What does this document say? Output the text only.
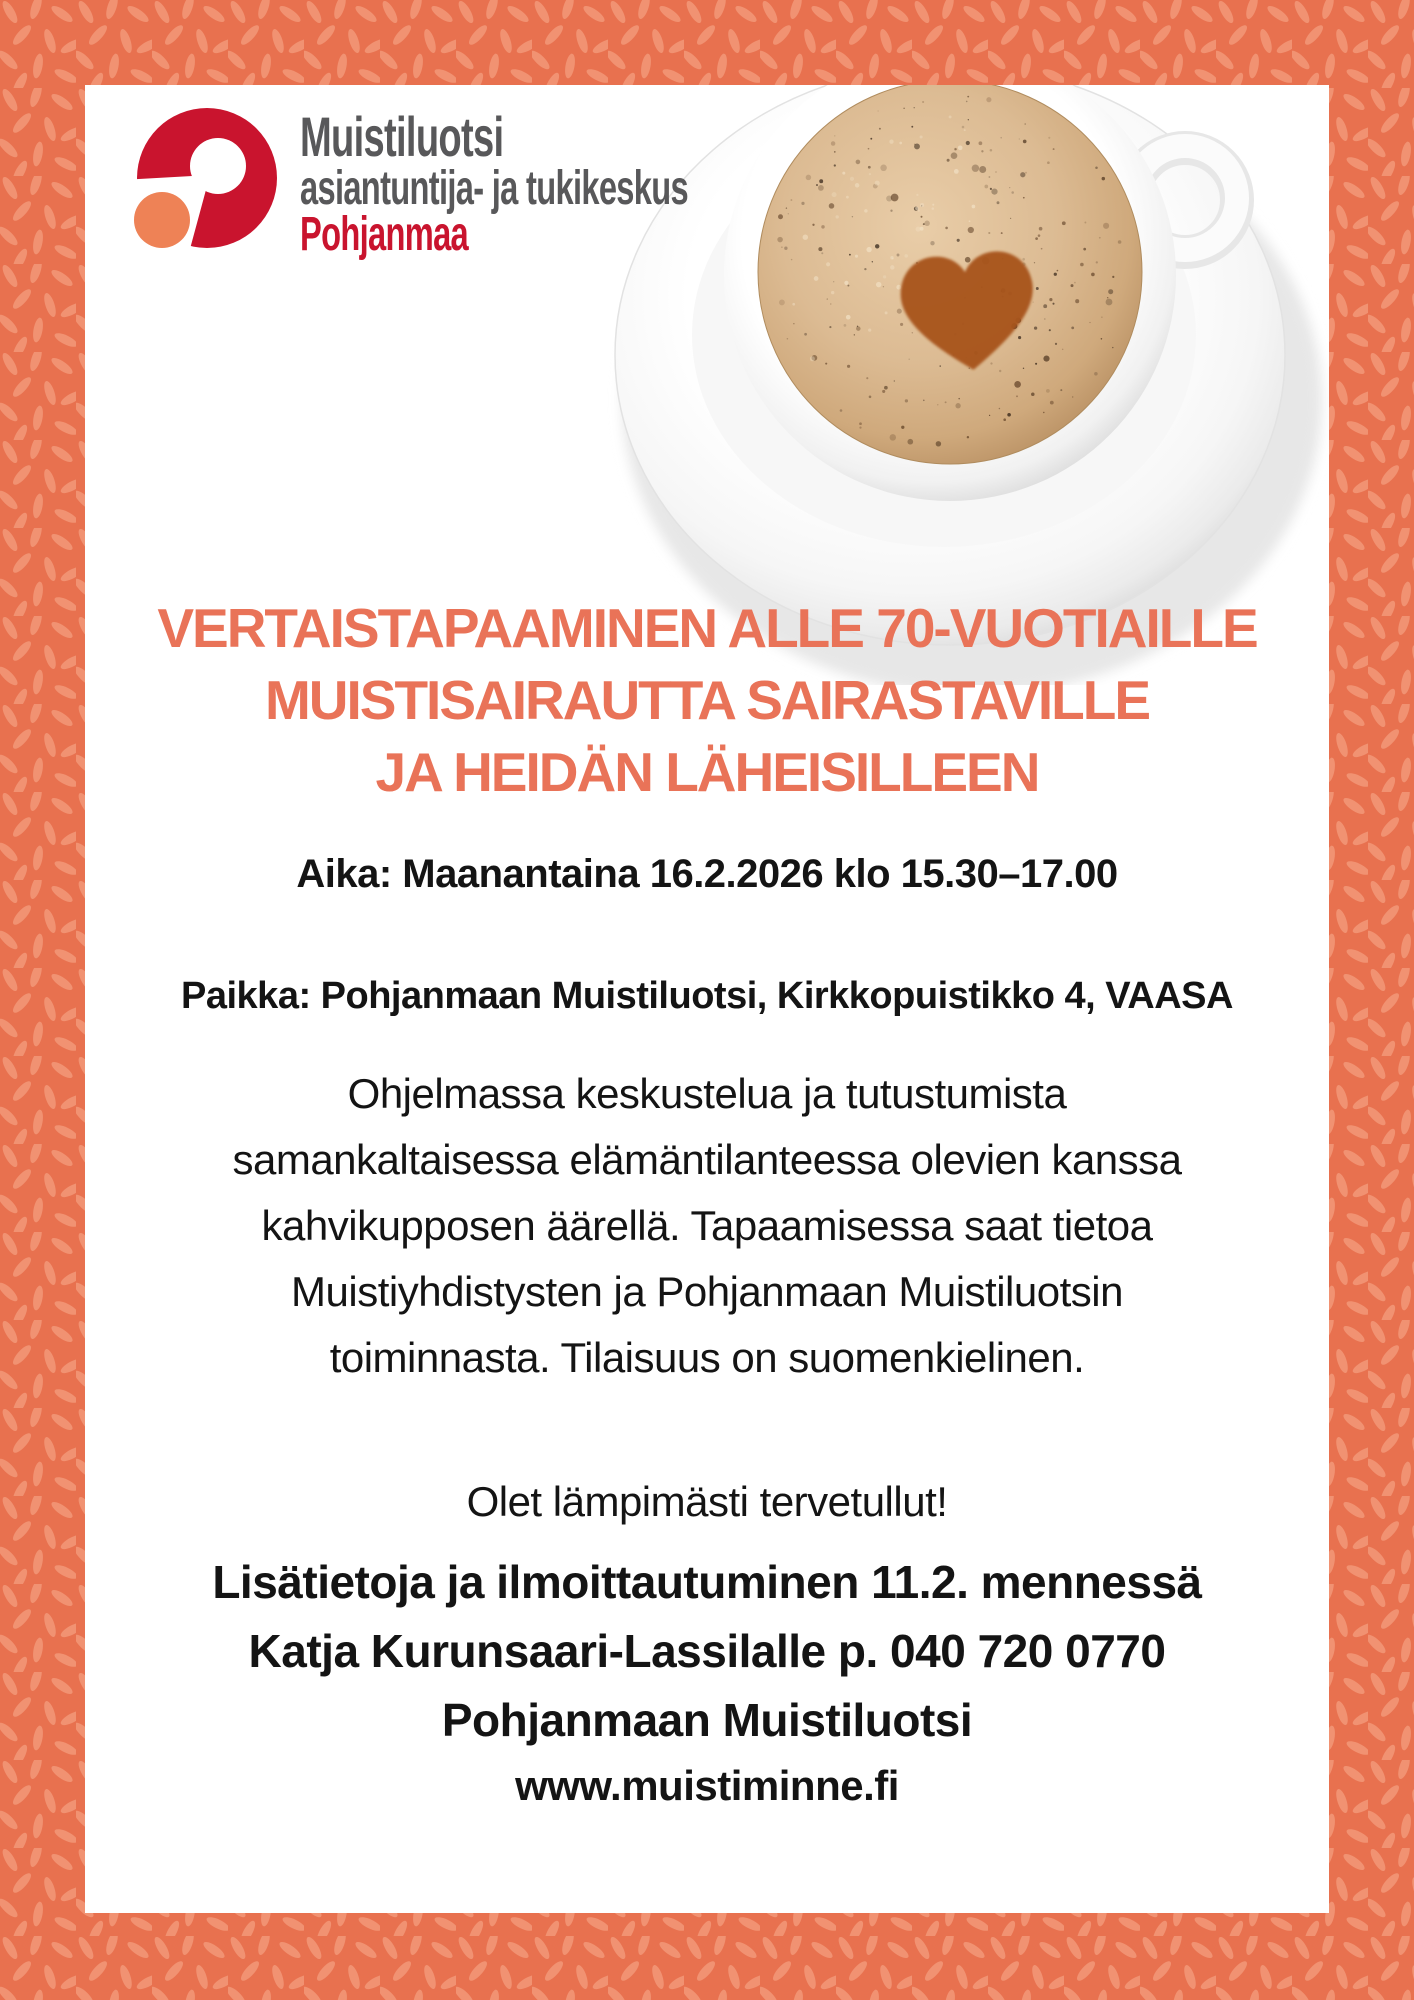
Muistiluotsi
asiantuntija- ja tukikeskus
Pohjanmaa
VERTAISTAPAAMINEN ALLE 70-VUOTIAILLE
MUISTISAIRAUTTA SAIRASTAVILLE
JA HEIDÄN LÄHEISILLEEN
Aika: Maanantaina 16.2.2026 klo 15.30–17.00
Paikka: Pohjanmaan Muistiluotsi, Kirkkopuistikko 4, VAASA
Ohjelmassa keskustelua ja tutustumista
samankaltaisessa elämäntilanteessa olevien kanssa
kahvikupposen äärellä. Tapaamisessa saat tietoa
Muistiyhdistysten ja Pohjanmaan Muistiluotsin
toiminnasta. Tilaisuus on suomenkielinen.
Olet lämpimästi tervetullut!
Lisätietoja ja ilmoittautuminen 11.2. mennessä
Katja Kurunsaari-Lassilalle p. 040 720 0770
Pohjanmaan Muistiluotsi
www.muistiminne.fi
